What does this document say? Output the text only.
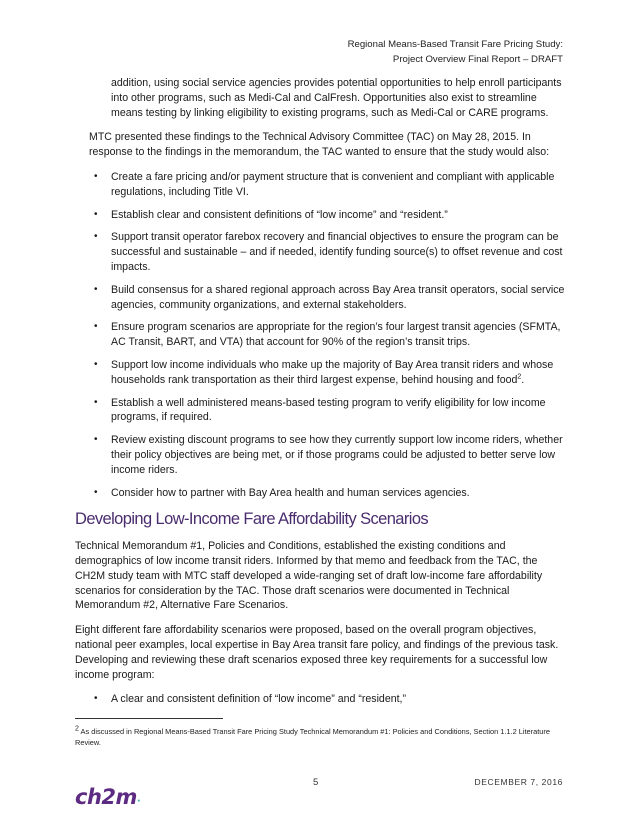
Regional Means-Based Transit Fare Pricing Study:
Project Overview Final Report – DRAFT

addition, using social service agencies provides potential opportunities to help enroll participants into other programs, such as Medi-Cal and CalFresh. Opportunities also exist to streamline means testing by linking eligibility to existing programs, such as Medi-Cal or CARE programs.

MTC presented these findings to the Technical Advisory Committee (TAC) on May 28, 2015. In response to the findings in the memorandum, the TAC wanted to ensure that the study would also:

• Create a fare pricing and/or payment structure that is convenient and compliant with applicable regulations, including Title VI.
• Establish clear and consistent definitions of “low income” and “resident.”
• Support transit operator farebox recovery and financial objectives to ensure the program can be successful and sustainable – and if needed, identify funding source(s) to offset revenue and cost impacts.
• Build consensus for a shared regional approach across Bay Area transit operators, social service agencies, community organizations, and external stakeholders.
• Ensure program scenarios are appropriate for the region’s four largest transit agencies (SFMTA, AC Transit, BART, and VTA) that account for 90% of the region’s transit trips.
• Support low income individuals who make up the majority of Bay Area transit riders and whose households rank transportation as their third largest expense, behind housing and food$^2$.
• Establish a well administered means-based testing program to verify eligibility for low income programs, if required.
• Review existing discount programs to see how they currently support low income riders, whether their policy objectives are being met, or if those programs could be adjusted to better serve low income riders.
• Consider how to partner with Bay Area health and human services agencies.
Developing Low-Income Fare Affordability Scenarios

Technical Memorandum #1, Policies and Conditions, established the existing conditions and demographics of low income transit riders. Informed by that memo and feedback from the TAC, the CH2M study team with MTC staff developed a wide-ranging set of draft low-income fare affordability scenarios for consideration by the TAC. Those draft scenarios were documented in Technical Memorandum #2, Alternative Fare Scenarios.

Eight different fare affordability scenarios were proposed, based on the overall program objectives, national peer examples, local expertise in Bay Area transit fare policy, and findings of the previous task. Developing and reviewing these draft scenarios exposed three key requirements for a successful low income program:

• A clear and consistent definition of “low income” and “resident,”
$^2$ As discussed in Regional Means-Based Transit Fare Pricing Study Technical Memorandum #1: Policies and Conditions, Section 1.1.2 Literature Review.
5	DECEMBER 7, 2016
ch2m·
